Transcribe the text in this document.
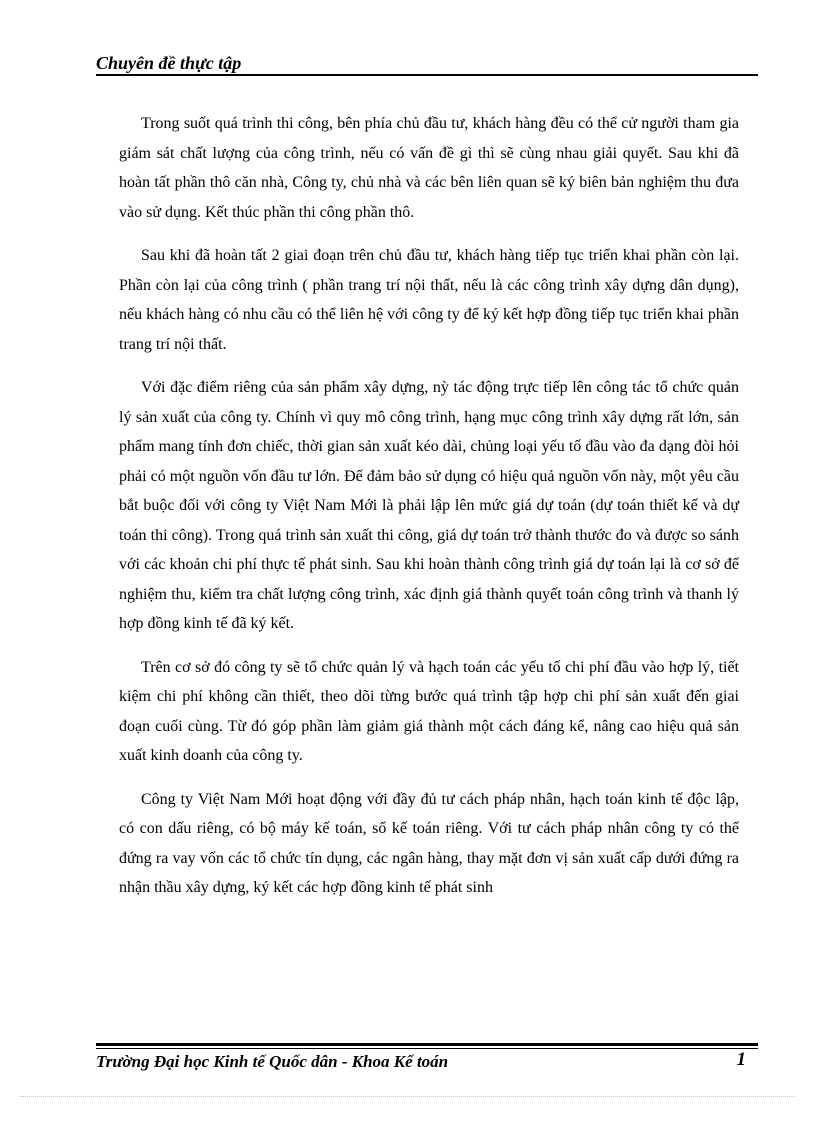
Chuyên đề thực tập

Trong suốt quá trình thi công, bên phía chủ đầu tư, khách hàng đều có thể cử người tham gia giám sát chất lượng của công trình, nếu có vấn đề gì thì sẽ cùng nhau giải quyết. Sau khi đã hoàn tất phần thô căn nhà, Công ty, chủ nhà và các bên liên quan sẽ ký biên bản nghiệm thu đưa vào sử dụng. Kết thúc phần thi công phần thô.

Sau khi đã hoàn tất 2 giai đoạn trên chủ đầu tư, khách hàng tiếp tục triển khai phần còn lại. Phần còn lại của công trình ( phần trang trí nội thất, nếu là các công trình xây dựng dân dụng), nếu khách hàng có nhu cầu có thể liên hệ với công ty để ký kết hợp đồng tiếp tục triển khai phần trang trí nội thất.

Với đặc điểm riêng của sản phẩm xây dựng, nỳ tác động trực tiếp lên công tác tổ chức quản lý sản xuất của công ty. Chính vì quy mô công trình, hạng mục công trình xây dựng rất lớn, sản phẩm mang tính đơn chiếc, thời gian sản xuất kéo dài, chủng loại yếu tố đầu vào đa dạng đòi hỏi phải có một nguồn vốn đầu tư lớn. Để đảm bảo sử dụng có hiệu quả nguồn vốn này, một yêu cầu bắt buộc đối với công ty Việt Nam Mới là phải lập lên mức giá dự toán (dự toán thiết kế và dự toán thi công). Trong quá trình sản xuất thi công, giá dự toán trở thành thước đo và được so sánh với các khoản chi phí thực tế phát sinh. Sau khi hoàn thành công trình giá dự toán lại là cơ sở để nghiệm thu, kiểm tra chất lượng công trình, xác định giá thành quyết toán công trình và thanh lý hợp đồng kinh tế đã ký kết.

Trên cơ sở đó công ty sẽ tổ chức quản lý và hạch toán các yếu tố chi phí đầu vào hợp lý, tiết kiệm chi phí không cần thiết, theo dõi từng bước quá trình tập hợp chi phí sản xuất đến giai đoạn cuối cùng. Từ đó góp phần làm giảm giá thành một cách đáng kể, nâng cao hiệu quả sản xuất kinh doanh của công ty.

Công ty Việt Nam Mới hoạt động với đầy đủ tư cách pháp nhân, hạch toán kinh tế độc lập, có con dấu riêng, có bộ máy kế toán, sổ kế toán riêng. Với tư cách pháp nhân công ty có thể đứng ra vay vốn các tổ chức tín dụng, các ngân hàng, thay mặt đơn vị sản xuất cấp dưới đứng ra nhận thầu xây dựng, ký kết các hợp đồng kinh tế phát sinh

Trường Đại học Kinh tế Quốc dân - Khoa Kế toán	1
